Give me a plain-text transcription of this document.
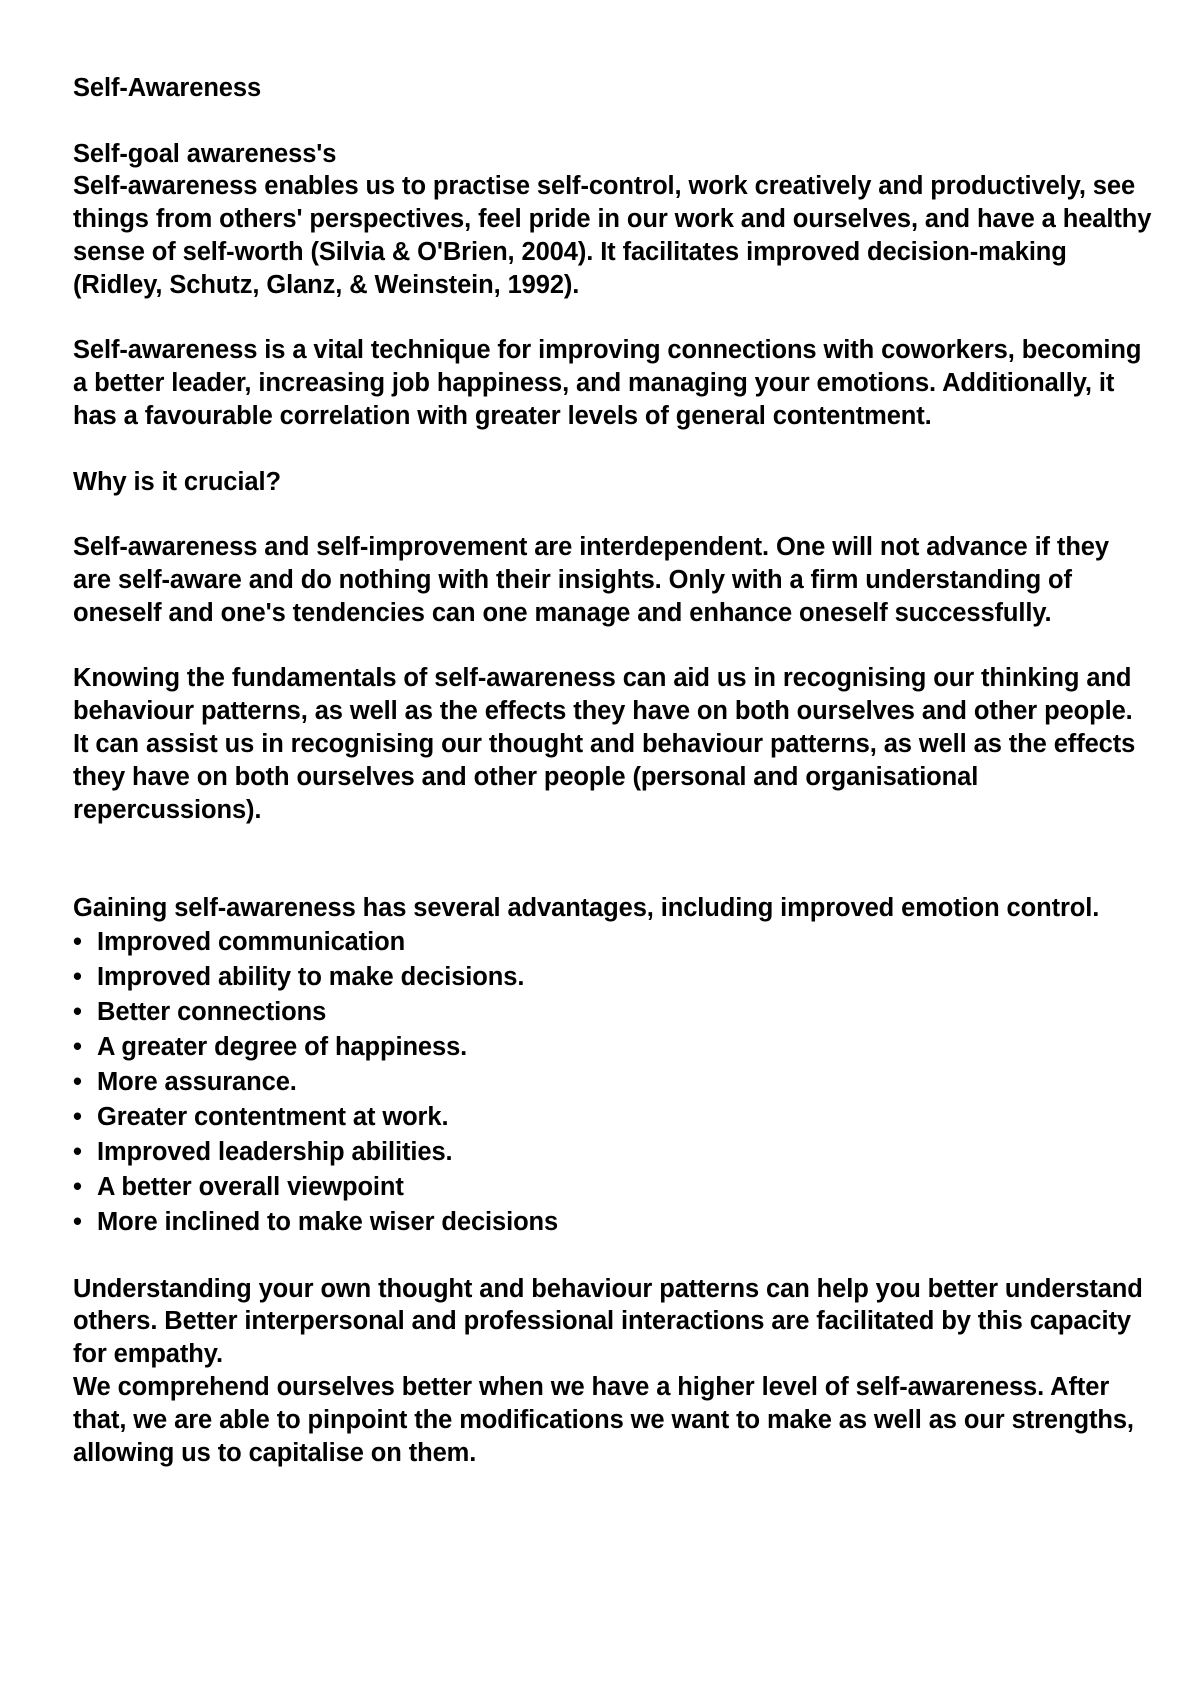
Self-Awareness

Self-goal awareness's

Self-awareness enables us to practise self-control, work creatively and productively, see things from others' perspectives, feel pride in our work and ourselves, and have a healthy sense of self-worth (Silvia & O'Brien, 2004). It facilitates improved decision-making (Ridley, Schutz, Glanz, & Weinstein, 1992).

Self-awareness is a vital technique for improving connections with coworkers, becoming a better leader, increasing job happiness, and managing your emotions. Additionally, it has a favourable correlation with greater levels of general contentment.

Why is it crucial?

Self-awareness and self-improvement are interdependent. One will not advance if they are self-aware and do nothing with their insights. Only with a firm understanding of oneself and one's tendencies can one manage and enhance oneself successfully.

Knowing the fundamentals of self-awareness can aid us in recognising our thinking and behaviour patterns, as well as the effects they have on both ourselves and other people. It can assist us in recognising our thought and behaviour patterns, as well as the effects they have on both ourselves and other people (personal and organisational repercussions).

Gaining self-awareness has several advantages, including improved emotion control.

• Improved communication
• Improved ability to make decisions.
• Better connections
• A greater degree of happiness.
• More assurance.
• Greater contentment at work.
• Improved leadership abilities.
• A better overall viewpoint
• More inclined to make wiser decisions

Understanding your own thought and behaviour patterns can help you better understand others. Better interpersonal and professional interactions are facilitated by this capacity for empathy.

We comprehend ourselves better when we have a higher level of self-awareness. After that, we are able to pinpoint the modifications we want to make as well as our strengths, allowing us to capitalise on them.
